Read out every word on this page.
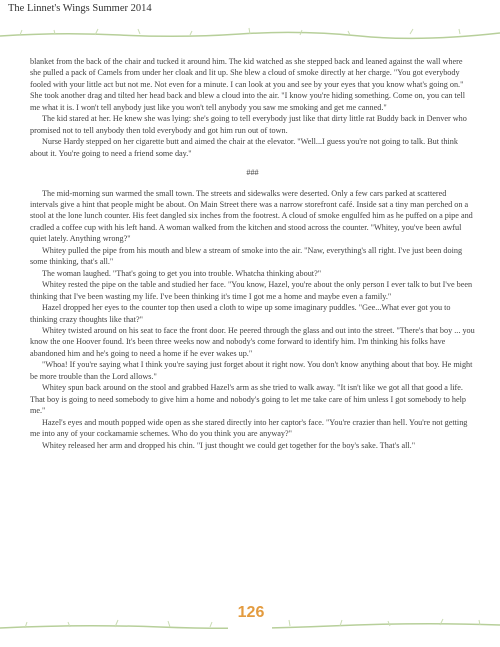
The Linnet's Wings Summer 2014

blanket from the back of the chair and tucked it around him. The kid watched as she stepped back and leaned against the wall where she pulled a pack of Camels from under her cloak and lit up. She blew a cloud of smoke directly at her charge. "You got everybody fooled with your little act but not me. Not even for a minute. I can look at you and see by your eyes that you know what's going on." She took another drag and tilted her head back and blew a cloud into the air. "I know you're hiding something. Come on, you can tell me what it is. I won't tell anybody just like you won't tell anybody you saw me smoking and get me canned."

The kid stared at her. He knew she was lying: she's going to tell everybody just like that dirty little rat Buddy back in Denver who promised not to tell anybody then told everybody and got him run out of town.

Nurse Hardy stepped on her cigarette butt and aimed the chair at the elevator. "Well...I guess you're not going to talk. But think about it. You're going to need a friend some day."

###

The mid-morning sun warmed the small town. The streets and sidewalks were deserted. Only a few cars parked at scattered intervals give a hint that people might be about. On Main Street there was a narrow storefront café. Inside sat a tiny man perched on a stool at the lone lunch counter. His feet dangled six inches from the footrest. A cloud of smoke engulfed him as he puffed on a pipe and cradled a coffee cup with his left hand. A woman walked from the kitchen and stood across the counter. "Whitey, you've been awful quiet lately. Anything wrong?"

Whitey pulled the pipe from his mouth and blew a stream of smoke into the air. "Naw, everything's all right. I've just been doing some thinking, that's all."

The woman laughed. "That's going to get you into trouble. Whatcha thinking about?"

Whitey rested the pipe on the table and studied her face. "You know, Hazel, you're about the only person I ever talk to but I've been thinking that I've been wasting my life. I've been thinking it's time I got me a home and maybe even a family."

Hazel dropped her eyes to the counter top then used a cloth to wipe up some imaginary puddles. "Gee...What ever got you to thinking crazy thoughts like that?"

Whitey twisted around on his seat to face the front door. He peered through the glass and out into the street. "There's that boy ... you know the one Hoover found. It's been three weeks now and nobody's come forward to identify him. I'm thinking his folks have abandoned him and he's going to need a home if he ever wakes up."

"Whoa! If you're saying what I think you're saying just forget about it right now. You don't know anything about that boy. He might be more trouble than the Lord allows."

Whitey spun back around on the stool and grabbed Hazel's arm as she tried to walk away. "It isn't like we got all that good a life. That boy is going to need somebody to give him a home and nobody's going to let me take care of him unless I got somebody to help me."

Hazel's eyes and mouth popped wide open as she stared directly into her captor's face. "You're crazier than hell. You're not getting me into any of your cockamamie schemes. Who do you think you are anyway?"

Whitey released her arm and dropped his chin. "I just thought we could get together for the boy's sake. That's all."

126
